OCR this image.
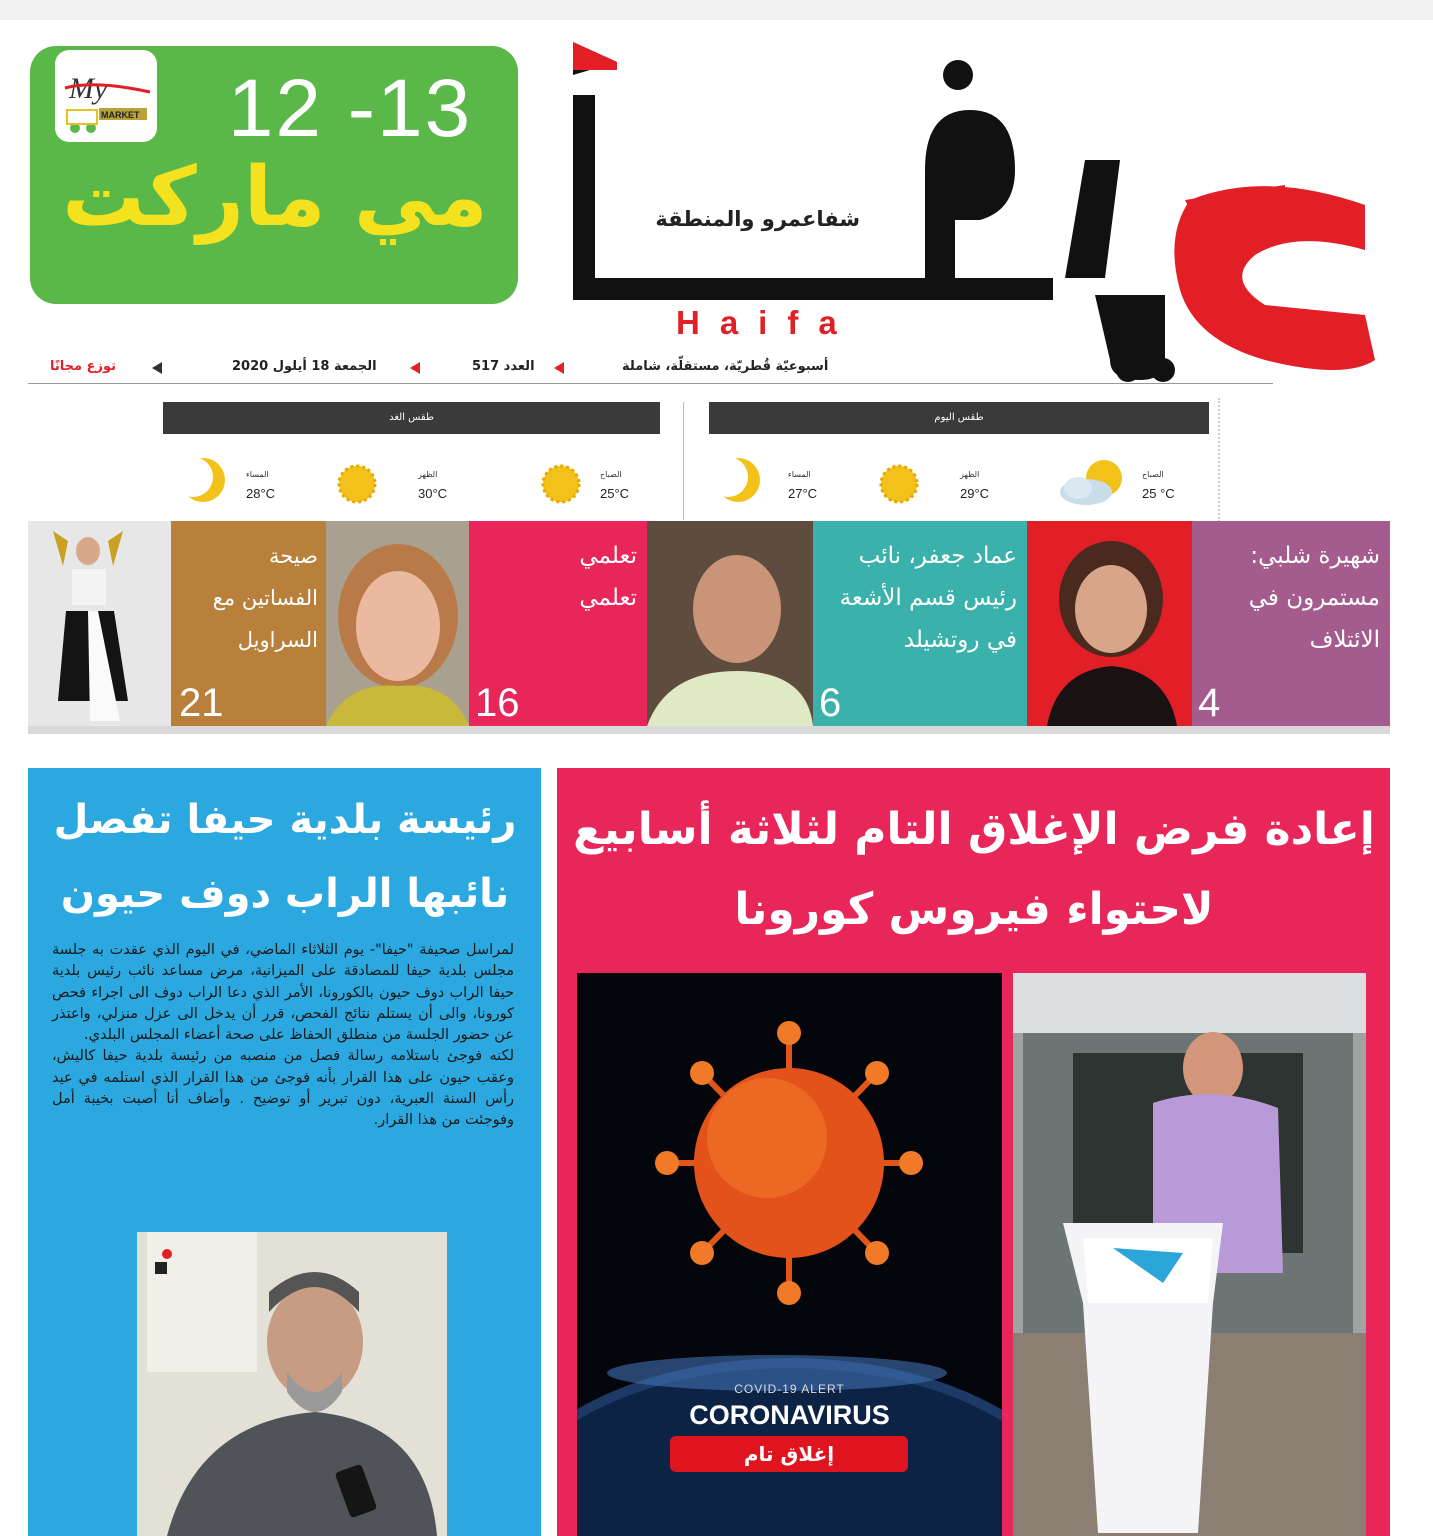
My
MARKET	12 -13
مي ماركت	شفاعمرو والمنطقة
Haifa
أسبوعيّة قُطريّة، مستقلّة، شاملة
العدد 517
الجمعة 18 أيلول 2020
توزع مجانًا
طقس اليوم
طقس الغد
الصباح
25 °C
الظهر
29°C
المساء
27°C
الصباح
25°C
الظهر
30°C
المساء
28°C
شهيرة شلبي:
مستمرون في
الائتلاف
4
عماد جعفر، نائب
رئيس قسم الأشعة
في روتشيلد
6
تعلمي
تعلمي
16
صيحة
الفساتين مع
السراويل
21
رئيسة بلدية حيفا تفصل
نائبها الراب دوف حيون
لمراسل صحيفة "حيفا"- يوم الثلاثاء الماضي، في اليوم الذي عقدت به جلسة مجلس بلدية حيفا للمصادقة على الميزانية، مرض مساعد نائب رئيس بلدية حيفا الراب دوف حيون بالكورونا، الأمر الذي دعا الراب دوف الى اجراء فحص كورونا، والى أن يستلم نتائج الفحص، قرر أن يدخل الى عزل منزلي، واعتذر عن حضور الجلسة من منطلق الحفاظ على صحة أعضاء المجلس البلدي.
لكنه فوجئ باستلامه رسالة فصل من منصبه من رئيسة بلدية حيفا كاليش، وعقب حيون على هذا القرار بأنه فوجئ من هذا القرار الذي استلمه في عيد رأس السنة العبرية، دون تبرير أو توضيح . وأضاف أنا أصبت بخيبة أمل وفوجئت من هذا القرار.
إعادة فرض الإغلاق التام لثلاثة أسابيع
لاحتواء فيروس كورونا
COVID-19 ALERT
CORONAVIRUS
إغلاق تام
